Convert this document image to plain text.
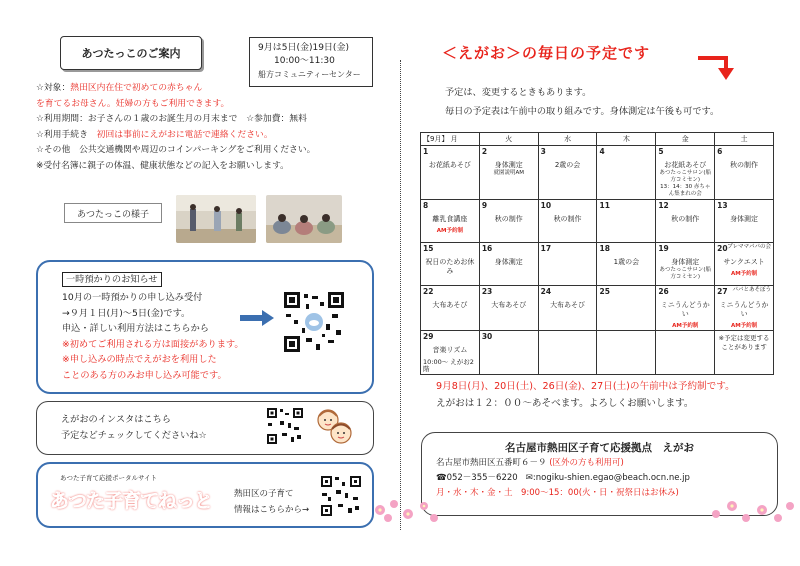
あつたっこのご案内	9月は5日(金)19日(金)
10:00～11:30
船方コミュニティーセンター
☆対象：熱田区内在住で初めての赤ちゃん
を育てるお母さん。妊婦の方もご利用できます。
☆利用期間：お子さんの１歳のお誕生月の月末まで　☆参加費：無料
☆利用手続き　初回は事前にえがおに電話で連絡ください。
☆その他　公共交通機関や周辺のコインパーキングをご利用ください。
※受付名簿に親子の体温、健康状態などの記入をお願いします。
あつたっこの様子
一時預かりのお知らせ
10月の一時預かりの申し込み受付
→９月１日(月)～5日(金)です。
申込・詳しい利用方法はこちらから
※初めてご利用される方は面接があります。
※申し込みの時点でえがおを利用した
ことのある方のみお申し込み可能です。
えがおのインスタはこちら
予定などチェックしてくださいね☆
あつた子育て応援ポータルサイト
あつた子育てねっと	熱田区の子育て
情報はこちらから→
＜えがお＞の毎日の予定です
予定は、変更するときもあります。
毎日の予定表は午前中の取り組みです。身体測定は午後も可です。
【9月】 月	火	水	木	金	土

1
お花紙あそび	2
身体測定
就園説明AM	3
2歳の会	4	5
お花紙あそび
あつたっこサロン(船方コミセン)
13：14：30 赤ちゃん集まれの会	6
秋の制作

8
離乳食講座
AM予約制	9
秋の制作	10
秋の制作	11	12
秋の制作	13
身体測定

15
祝日のためお休み	16
身体測定	17	18
1歳の会	19
身体測定
あつたっこサロン(船方コミセン)	20 プレママパパの会
サンクエスト
AM予約制

22
大布あそび	23
大布あそび	24
大布あそび	25	26
ミニうんどうかい
AM予約制	27 パパとあそぼう
ミニうんどうかい
AM予約制

29
音楽リズム
10:00～ えがお2階	30				※予定は変更することがあります
9月8日(月)、20日(土)、26日(金)、27日(土)の午前中は予約制です。
えがおは１２：００～あそべます。よろしくお願いします。
名古屋市熱田区子育て応援拠点　えがお
名古屋市熱田区五番町６－９ (区外の方も利用可)
☎052－355－6220 ✉:nogiku-shien.egao@beach.ocn.ne.jp
月・水・木・金・土　9:00～15：00(火・日・祝祭日はお休み)
